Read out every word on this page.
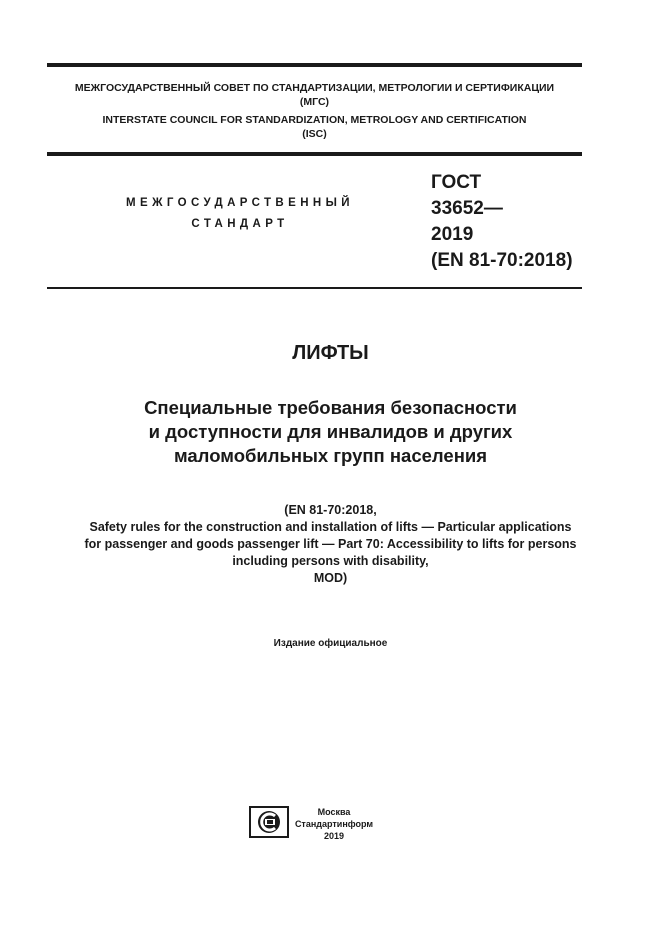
МЕЖГОСУДАРСТВЕННЫЙ СОВЕТ ПО СТАНДАРТИЗАЦИИ, МЕТРОЛОГИИ И СЕРТИФИКАЦИИ
(МГС)
INTERSTATE COUNCIL FOR STANDARDIZATION, METROLOGY AND CERTIFICATION
(ISC)
МЕЖГОСУДАРСТВЕННЫЙ
СТАНДАРТ
ГОСТ
33652—
2019
(EN 81-70:2018)
ЛИФТЫ
Специальные требования безопасности
и доступности для инвалидов и других
маломобильных групп населения
(EN 81-70:2018,
Safety rules for the construction and installation of lifts — Particular applications
for passenger and goods passenger lift — Part 70: Accessibility to lifts for persons
including persons with disability,
MOD)
Издание официальное
Москва
Стандартинформ
2019
